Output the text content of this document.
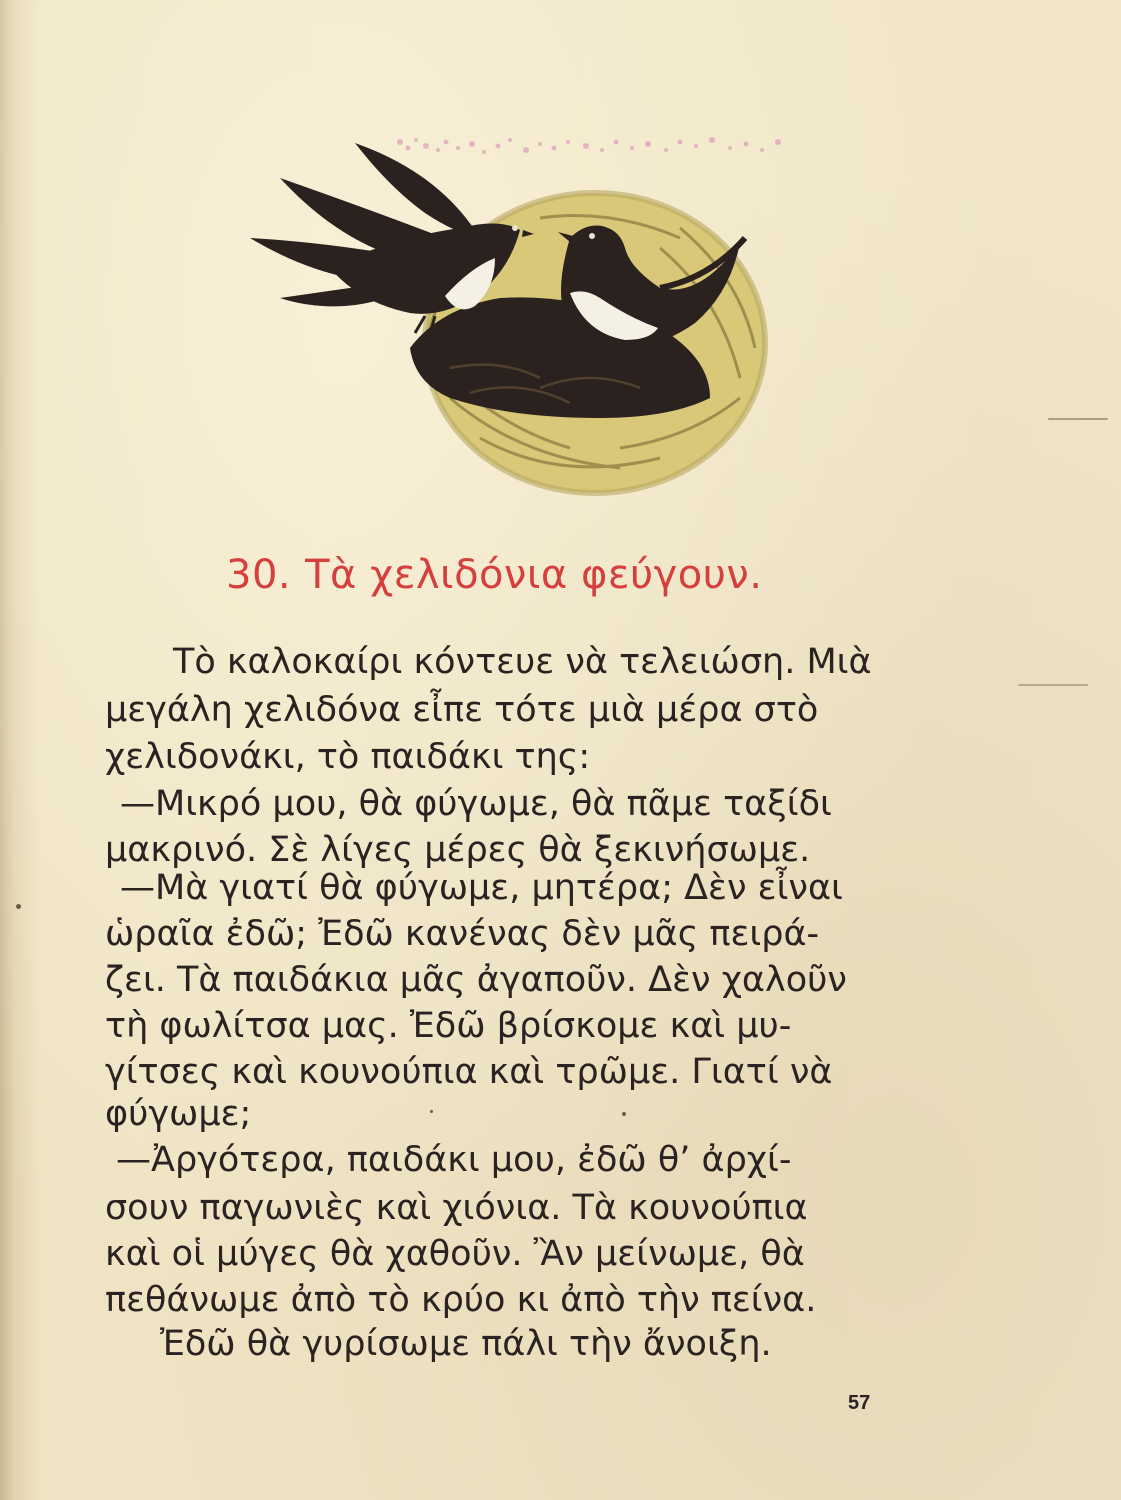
30. Τὰ χελιδόνια φεύγουν.

Τὸ καλοκαίρι κόντευε νὰ τελειώση. Μιὰ

μεγάλη χελιδόνα εἶπε τότε μιὰ μέρα στὸ

χελιδονάκι, τὸ παιδάκι της:

—Μικρό μου, θὰ φύγωμε, θὰ πᾶμε ταξίδι

μακρινό. Σὲ λίγες μέρες θὰ ξεκινήσωμε.

—Μὰ γιατί θὰ φύγωμε, μητέρα; Δὲν εἶναι

ὡραῖα ἐδῶ; Ἐδῶ κανένας δὲν μᾶς πειρά-

ζει. Τὰ παιδάκια μᾶς ἀγαποῦν. Δὲν χαλοῦν

τὴ φωλίτσα μας. Ἐδῶ βρίσκομε καὶ μυ-

γίτσες καὶ κουνούπια καὶ τρῶμε. Γιατί νὰ

φύγωμε;

—Ἀργότερα, παιδάκι μου, ἐδῶ θ’ ἀρχί-

σουν παγωνιὲς καὶ χιόνια. Τὰ κουνούπια

καὶ οἱ μύγες θὰ χαθοῦν. Ἂν μείνωμε, θὰ

πεθάνωμε ἀπὸ τὸ κρύο κι ἀπὸ τὴν πείνα.

Ἐδῶ θὰ γυρίσωμε πάλι τὴν ἄνοιξη.

57
